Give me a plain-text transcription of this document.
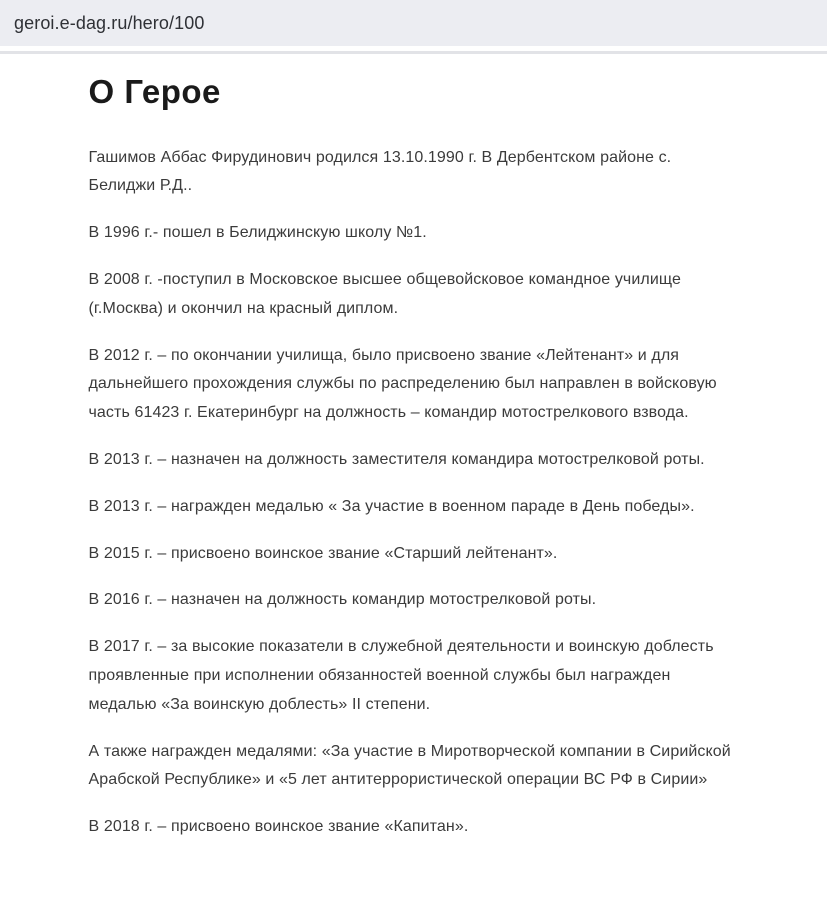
geroi.e-dag.ru/hero/100
О Герое

Гашимов Аббас Фирудинович родился 13.10.1990 г. В Дербентском районе с. Белиджи Р.Д..

В 1996 г.- пошел в Белиджинскую школу №1.

В 2008 г. -поступил в Московское высшее общевойсковое командное училище (г.Москва) и окончил на красный диплом.

В 2012 г. – по окончании училища, было присвоено звание «Лейтенант» и для дальнейшего прохождения службы по распределению был направлен в войсковую часть 61423 г. Екатеринбург на должность – командир мотострелкового взвода.

В 2013 г. – назначен на должность заместителя командира мотострелковой роты.

В 2013 г. – награжден медалью « За участие в военном параде в День победы».

В 2015 г. – присвоено воинское звание «Старший лейтенант».

В 2016 г. – назначен на должность командир мотострелковой роты.

В 2017 г. – за высокие показатели в служебной деятельности и воинскую доблесть проявленные при исполнении обязанностей военной службы был награжден медалью «За воинскую доблесть» II степени.

А также награжден медалями: «За участие в Миротворческой компании в Сирийской Арабской Республике» и «5 лет антитеррористической операции ВС РФ в Сирии»

В 2018 г. – присвоено воинское звание «Капитан».
